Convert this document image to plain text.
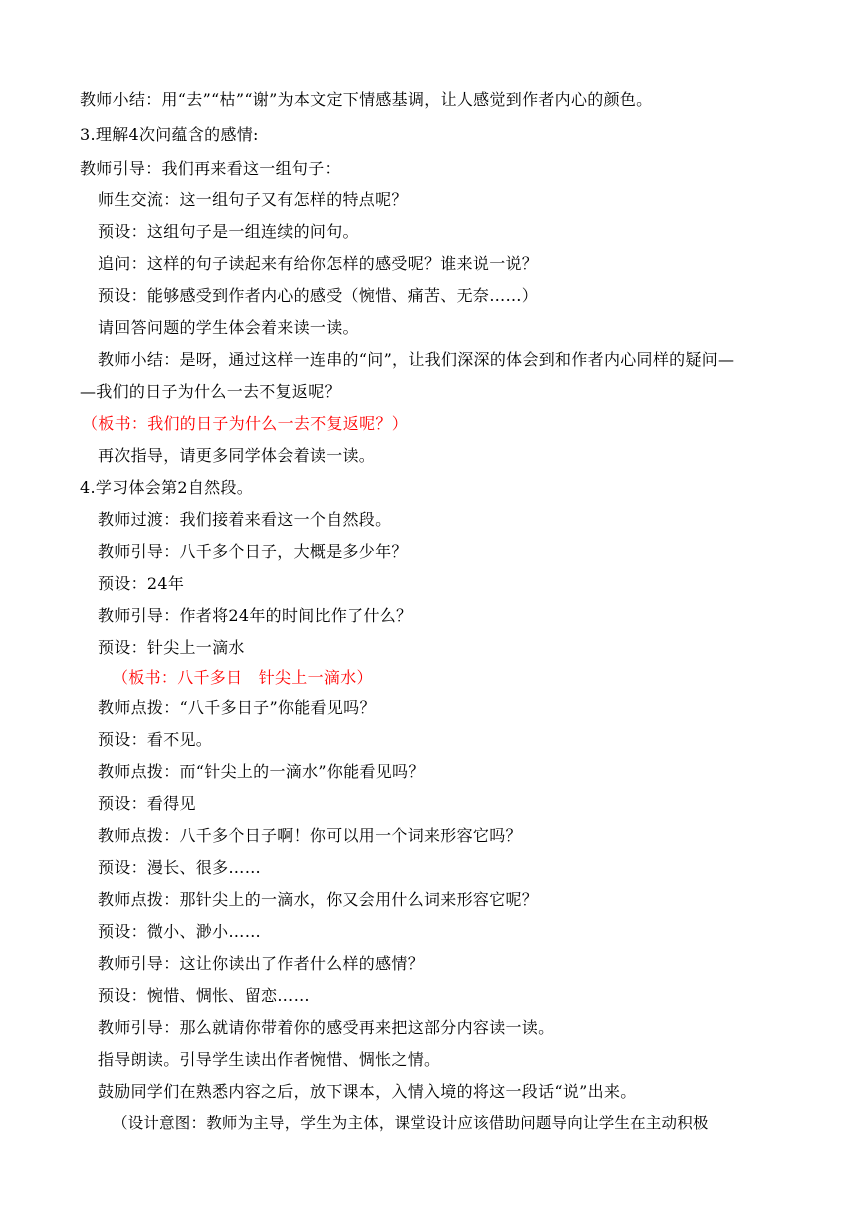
教师小结：用“去”“枯”“谢”为本文定下情感基调，让人感觉到作者内心的颜色。
3.理解4次问蕴含的感情:
教师引导：我们再来看这一组句子：
师生交流：这一组句子又有怎样的特点呢？
预设：这组句子是一组连续的问句。
追问：这样的句子读起来有给你怎样的感受呢？谁来说一说？
预设：能够感受到作者内心的感受（惋惜、痛苦、无奈……）
请回答问题的学生体会着来读一读。
教师小结：是呀，通过这样一连串的“问”，让我们深深的体会到和作者内心同样的疑问—
—我们的日子为什么一去不复返呢？
（板书：我们的日子为什么一去不复返呢？）
再次指导，请更多同学体会着读一读。
4.学习体会第2自然段。
教师过渡：我们接着来看这一个自然段。
教师引导：八千多个日子，大概是多少年？
预设：24年
教师引导：作者将24年的时间比作了什么？
预设：针尖上一滴水
（板书：八千多日　针尖上一滴水）
教师点拨：“八千多日子”你能看见吗？
预设：看不见。
教师点拨：而“针尖上的一滴水”你能看见吗？
预设：看得见
教师点拨：八千多个日子啊！你可以用一个词来形容它吗？
预设：漫长、很多……
教师点拨：那针尖上的一滴水，你又会用什么词来形容它呢？
预设：微小、渺小……
教师引导：这让你读出了作者什么样的感情？
预设：惋惜、惆怅、留恋……
教师引导：那么就请你带着你的感受再来把这部分内容读一读。
指导朗读。引导学生读出作者惋惜、惆怅之情。
鼓励同学们在熟悉内容之后，放下课本，入情入境的将这一段话“说”出来。
（设计意图：教师为主导，学生为主体，课堂设计应该借助问题导向让学生在主动积极
